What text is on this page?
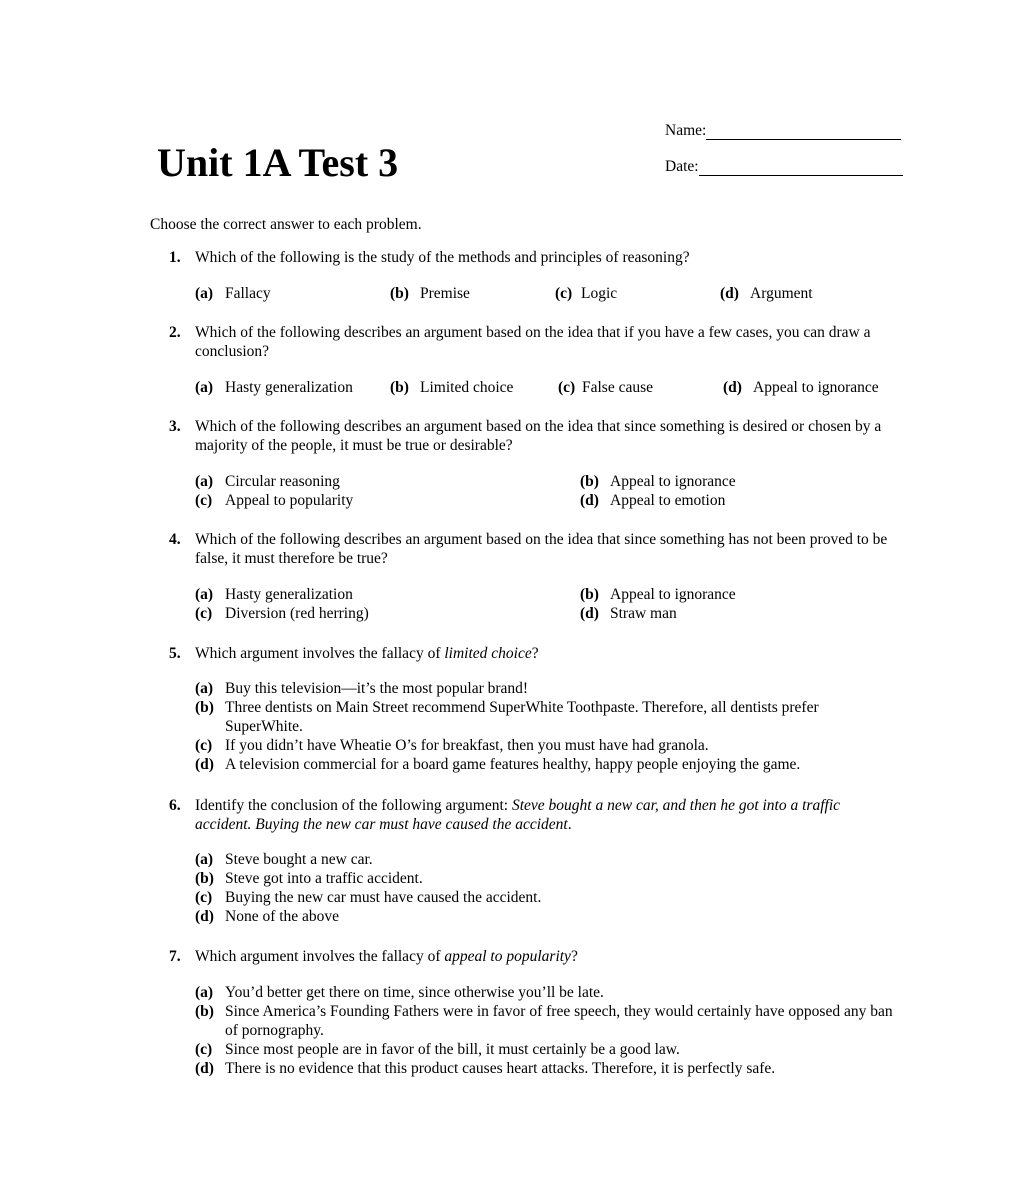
Unit 1A Test 3
Name:
Date:
Choose the correct answer to each problem.
1. Which of the following is the study of the methods and principles of reasoning?
(a) Fallacy	(b) Premise	(c) Logic	(d) Argument
2. Which of the following describes an argument based on the idea that if you have a few cases, you can draw a conclusion?
(a) Hasty generalization (b) Limited choice	(c) False cause	(d) Appeal to ignorance
3. Which of the following describes an argument based on the idea that since something is desired or chosen by a majority of the people, it must be true or desirable?
(a) Circular reasoning	(b) Appeal to ignorance
(c) Appeal to popularity	(d) Appeal to emotion
4. Which of the following describes an argument based on the idea that since something has not been proved to be false, it must therefore be true?
(a) Hasty generalization	(b) Appeal to ignorance
(c) Diversion (red herring)	(d) Straw man
5. Which argument involves the fallacy of limited choice?
(a) Buy this television—it’s the most popular brand!
(b) Three dentists on Main Street recommend SuperWhite Toothpaste. Therefore, all dentists prefer SuperWhite.
(c) If you didn’t have Wheatie O’s for breakfast, then you must have had granola.
(d) A television commercial for a board game features healthy, happy people enjoying the game.
6. Identify the conclusion of the following argument: Steve bought a new car, and then he got into a traffic accident. Buying the new car must have caused the accident.
(a) Steve bought a new car.
(b) Steve got into a traffic accident.
(c) Buying the new car must have caused the accident.
(d) None of the above
7. Which argument involves the fallacy of appeal to popularity?
(a) You’d better get there on time, since otherwise you’ll be late.
(b) Since America’s Founding Fathers were in favor of free speech, they would certainly have opposed any ban of pornography.
(c) Since most people are in favor of the bill, it must certainly be a good law.
(d) There is no evidence that this product causes heart attacks. Therefore, it is perfectly safe.
